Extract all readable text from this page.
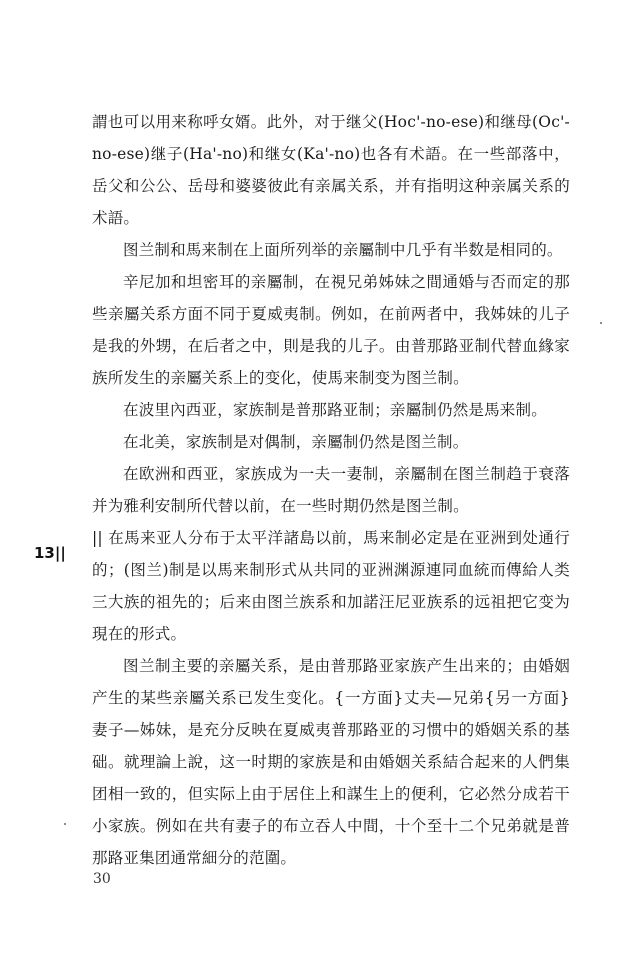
謂也可以用来称呼女婿。此外，对于继父(Hoc'-no-ese)和继母(Oc'-no-ese)继子(Ha'-no)和继女(Ka'-no)也各有术語。在一些部落中，岳父和公公、岳母和婆婆彼此有亲属关系，并有指明这种亲属关系的术語。

图兰制和馬来制在上面所列举的亲屬制中几乎有半数是相同的。

辛尼加和坦密耳的亲屬制，在視兄弟姊妹之間通婚与否而定的那些亲屬关系方面不同于夏威夷制。例如，在前两者中，我姊妹的儿子是我的外甥，在后者之中，則是我的儿子。由普那路亚制代替血緣家族所发生的亲屬关系上的变化，使馬来制变为图兰制。

在波里內西亚，家族制是普那路亚制；亲屬制仍然是馬来制。

在北美，家族制是对偶制，亲屬制仍然是图兰制。

在欧洲和西亚，家族成为一夫一妻制，亲屬制在图兰制趋于衰落并为雅利安制所代替以前，在一些时期仍然是图兰制。

|| 在馬来亚人分布于太平洋諸島以前，馬来制必定是在亚洲到处通行的；(图兰)制是以馬来制形式从共同的亚洲渊源連同血統而傳給人类三大族的祖先的；后来由图兰族系和加諾汪尼亚族系的远祖把它变为現在的形式。

图兰制主要的亲屬关系，是由普那路亚家族产生出来的；由婚姻产生的某些亲屬关系已发生变化。{一方面}丈夫—兄弟{另一方面}妻子—姊妹，是充分反映在夏威夷普那路亚的习惯中的婚姻关系的基础。就理論上說，这一时期的家族是和由婚姻关系結合起来的人們集团相一致的，但实际上由于居住上和謀生上的便利，它必然分成若干小家族。例如在共有妻子的布立吞人中間，十个至十二个兄弟就是普那路亚集团通常細分的范圍。

13||
30
